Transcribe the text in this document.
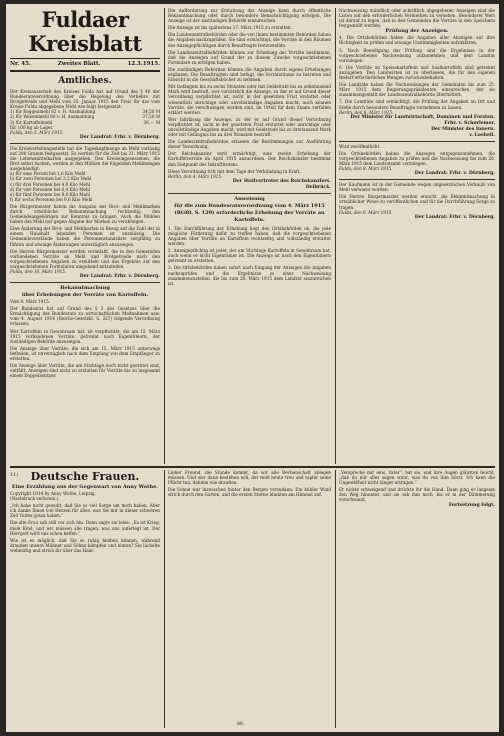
Fuldaer Kreisblatt
Nr. 45.	Zweites Blatt.	12.3.1915.
Amtliches.
Der Kreisausschuß des Kreises Fulda hat auf Grund des § 40 der Bundesratsverordnung über die Regelung des Verkehrs mit Brotgetreide und Mehl vom 25. Januar 1915 den Preis für das vom Kreise Fulda abgegebene Mehl wie folgt festgesetzt:
1) für Roggenmehl 82 v. H. Ausmahlung	34,50 M
2) für Weizenmehl 80 v. H. Ausmahlung	37,50 M
3) für Kartoffelmehl	36,— M
für 100 kg ab Lager.
Fulda, den 5. März 1915.
Der Landrat: Frhr. v. Dörnberg.
Die Kreisverteilungsstelle hat die Tageskopfmenge an Mehl vorläufig auf 200 Gramm festgesetzt. Es werden für die Zeit bis 21. März 1915 die Lebensmittelkarten ausgegeben. Den Kreiseingesessenen, die Brot selbst backen, werden in den Mühlen die folgenden Mehlmengen ausgehändigt:
a) für eine Person bei 1,6 Kilo Mehl
b) für zwei Personen bei 3,2 Kilo Mehl
c) für drei Personen bei 4,8 Kilo Mehl
d) für vier Personen bei 6,4 Kilo Mehl
e) für fünf Personen bei 8,0 Kilo Mehl
f) für sechs Personen bei 9,6 Kilo Mehl
Die Bürgermeister haben die Ausgabe der Brot- und Mehlmarken durch ortsübliche Bekanntmachung rechtzeitig den Gemeindeangehörigen zur Kenntnis zu bringen. Auch die Mühlen haben das Mehl nur gegen Abgabe der Marken zu verabfolgen.
Eine Änderung der Brot- und Mehlkarten in Bezug auf die Zahl der in einem Haushalt lebenden Personen ist unzulässig. Die Gemeindevorstände haben die Personenstandsliste sorgfältig zu führen und etwaige Änderungen unverzüglich anzuzeigen.
Die Herren Bürgermeister werden veranlaßt, die in den Gemeinden vorhandenen Vorräte an Mehl und Brotgetreide nach den vorgeschriebenen Angaben zu ermitteln und das Ergebnis auf den vorgeschriebenen Formularen umgehend mitzuteilen.
Fulda, den 10. März 1915.
Der Landrat: Frhr. v. Dörnberg.
Bekanntmachung
über Erhebungen der Vorräte von Kartoffeln.
Vom 4. März 1915.
Der Bundesrat hat auf Grund des § 3 des Gesetzes über die Ermächtigung des Bundesrats zu wirtschaftlichen Maßnahmen usw. vom 4. August 1914 (Reichs-Gesetzbl. S. 327) folgende Verordnung erlassen:
Wer Kartoffeln in Gewahrsam hat, ist verpflichtet, die am 15. März 1915 vorhandenen Vorräte, getrennt nach Eigentümern, der zuständigen Behörde anzuzeigen.
Die Anzeige über Vorräte, die sich am 15. März 1915 unterwegs befinden, ist unverzüglich nach dem Empfang von dem Empfänger zu erstatten.
Die Anzeige über Vorräte, die am Stichtage noch nicht geerntet sind, entfällt. Anzeigen sind nicht zu erstatten für Vorräte bis zu insgesamt einem Doppelzentner.
Die Aufforderung zur Erstattung der Anzeige kann durch öffentliche Bekanntmachung oder durch besondere Benachrichtigung erfolgen. Die Anzeige ist der zuständigen Behörde einzureichen.
Die Anzeige ist bis spätestens 17. März 1915 zu erstatten.
Die Landeszentralbehörden oder die von ihnen bestimmten Behörden haben die Angaben nachzuprüfen. Sie sind ermächtigt, die Vorräte in den Räumen des Anzeigepflichtigen durch Beauftragte festzustellen.
Die Landeszentralbehörden können zur Erhebung der Vorräte bestimmen, daß die Anzeigen auf Grund der zu diesem Zwecke vorgeschriebenen Formulare zu erfolgen haben.
Die zuständigen Behörden können die Angaben durch eigene Erhebungen ergänzen. Die Beauftragten sind befugt, die Vorratsräume zu betreten und Einsicht in die Geschäftsbücher zu nehmen.
Mit Gefängnis bis zu sechs Monaten oder mit Geldstrafe bis zu zehntausend Mark wird bestraft, wer vorsätzlich die Anzeige, zu der er auf Grund dieser Verordnung verpflichtet ist, nicht in der gesetzten Frist erstattet oder wissentlich unrichtige oder unvollständige Angaben macht; auch können Vorräte, die verschwiegen worden sind, im Urteil für dem Staate verfallen erklärt werden.
Wer fahrlässig die Anzeige, zu der er auf Grund dieser Verordnung verpflichtet ist, nicht in der gesetzten Frist erstattet oder unrichtige oder unvollständige Angaben macht, wird mit Geldstrafe bis zu dreitausend Mark oder mit Gefängnis bis zu drei Monaten bestraft.
Die Landeszentralbehörden erlassen die Bestimmungen zur Ausführung dieser Verordnung.
Der Reichskanzler wird ermächtigt, eine zweite Erhebung der Kartoffelvorräte im April 1915 anzuordnen. Der Reichskanzler bestimmt den Zeitpunkt des Inkrafttretens.
Diese Verordnung tritt mit dem Tage der Verkündung in Kraft.
Berlin, den 4. März 1915.
Der Stellvertreter des Reichskanzlers.
Delbrück.
Anweisung
für die zum Bundesratsverordnung vom 4. März 1915 (RGBl. S. 129) erforderliche Erhebung der Vorräte an Kartoffeln.
1. Die Durchführung der Erhebung liegt den Ortsbehörden ob, die jede mögliche Förderung dafür zu treffen haben, daß die vorgeschriebenen Angaben über Vorräte an Kartoffeln rechtzeitig und vollständig erstattet werden.
2. Anzeigepflichtig ist jeder, der am Stichtage Kartoffeln in Gewahrsam hat, auch wenn er nicht Eigentümer ist. Die Anzeige ist nach den Eigentümern getrennt zu erstatten.
3. Die Ortsbehörden haben sofort nach Eingang der Anzeigen die Angaben nachzuprüfen und die Ergebnisse in einer Nachweisung zusammenzustellen, die bis zum 20. März 1915 dem Landrat einzureichen ist.
Nachweisung mündlich oder schriftlich abgegebener Anzeigen sind die Listen mit den erforderlichen Vermerken zu versehen. Besonderer Wert ist darauf zu legen, daß in den Gemeinden die Vorräte in den Speichern festgestellt werden.
Prüfung der Anzeigen.
4. Die Ortsbehörden haben die Angaben aller Anzeigen auf ihre Richtigkeit zu prüfen und etwaige Unstimmigkeiten aufzuklären.
5. Nach Beendigung der Prüfung sind die Ergebnisse in der vorgeschriebenen Nachweisung aufzunehmen und dem Landrat vorzulegen.
6. Die Vorräte an Speisekartoffeln und Saatkartoffeln sind getrennt anzugeben. Den Landwirten ist zu überlassen, die für den eigenen Bedarf erforderlichen Mengen zurückzubehalten.
Die Landräte haben die Nachweisungen der Gemeinden bis zum 25. März 1915 dem Regierungspräsidenten einzureichen, der sie zusammengestellt der Landeszentralbehörde übermittelt.
7. Die Landräte sind ermächtigt, die Prüfung der Angaben an Ort und Stelle durch besondere Beauftragte vornehmen zu lassen.
Berlin, den 6. März 1915.
Der Minister für Landwirtschaft, Domänen und Forsten.
Frhr. v. Schorlemer.
Der Minister des Innern.
v. Loebell.
Wird veröffentlicht.
Die Ortsbehörden haben die Anzeigen entgegenzunehmen, die vorgeschriebenen Angaben zu prüfen und die Nachweisung bis zum 20. März 1915 dem Landratsamt vorzulegen.
Fulda, den 8. März 1915.
Der Landrat: Frhr. v. Dörnberg.
Der Kaufmann ist in der Gemeinde wegen ungesetzlichen Verkaufs von Mehl verwarnt worden.
Die Herren Bürgermeister werden ersucht, die Bekanntmachung in ortsüblicher Weise zu veröffentlichen und für die Durchführung Sorge zu tragen.
Fulda, den 8. März 1915.
Der Landrat: Frhr. v. Dörnberg.
11)	Deutsche Frauen.
Eine Erzählung aus der Gegenwart von Anny Wothe.
Copyright 1914 by Anny Wothe, Leipzig.
(Nachdruck verboten.)
„Ich habe nicht gewußt, daß Sie so viel Sorge um mich haben. Aber ich danke Ihnen von Herzen für alles, was Sie mir in dieser schweren Zeit Gutes getan haben.“
Die alte Frau sah still vor sich hin. Dann sagte sie leise: „Es ist Krieg, mein Kind, und wir müssen alle tragen, was uns auferlegt ist. Der Herrgott wird uns schon helfen.“
Wie ist es möglich, daß Sie so ruhig bleiben können, während draußen unsere Männer und Söhne kämpfen und bluten? Sie lächelte wehmütig und strich ihr über das Haar.
Lieber Freund, die Stunde kommt, da wir alle Rechenschaft ablegen müssen. Und wer dann bestehen will, der muß heute treu und tapfer seine Pflicht tun, daheim wie draußen.
Die Sonne war inzwischen hinter den Bergen versunken. Ein kühler Wind strich durch den Garten, und die ersten Sterne blinkten am Himmel auf.
„Verspreche mir eins, Vater“, bat sie, und ihre Augen glänzten feucht, „daß du mir alles sagen wirst, was du von ihm hörst. Ich kann die Ungewißheit nicht länger ertragen.“
Er nickte schweigend und drückte ihr die Hand. Dann ging er langsam den Weg hinunter, und sie sah ihm nach, bis er in der Dämmerung verschwand.
Fortsetzung folgt.
89.
